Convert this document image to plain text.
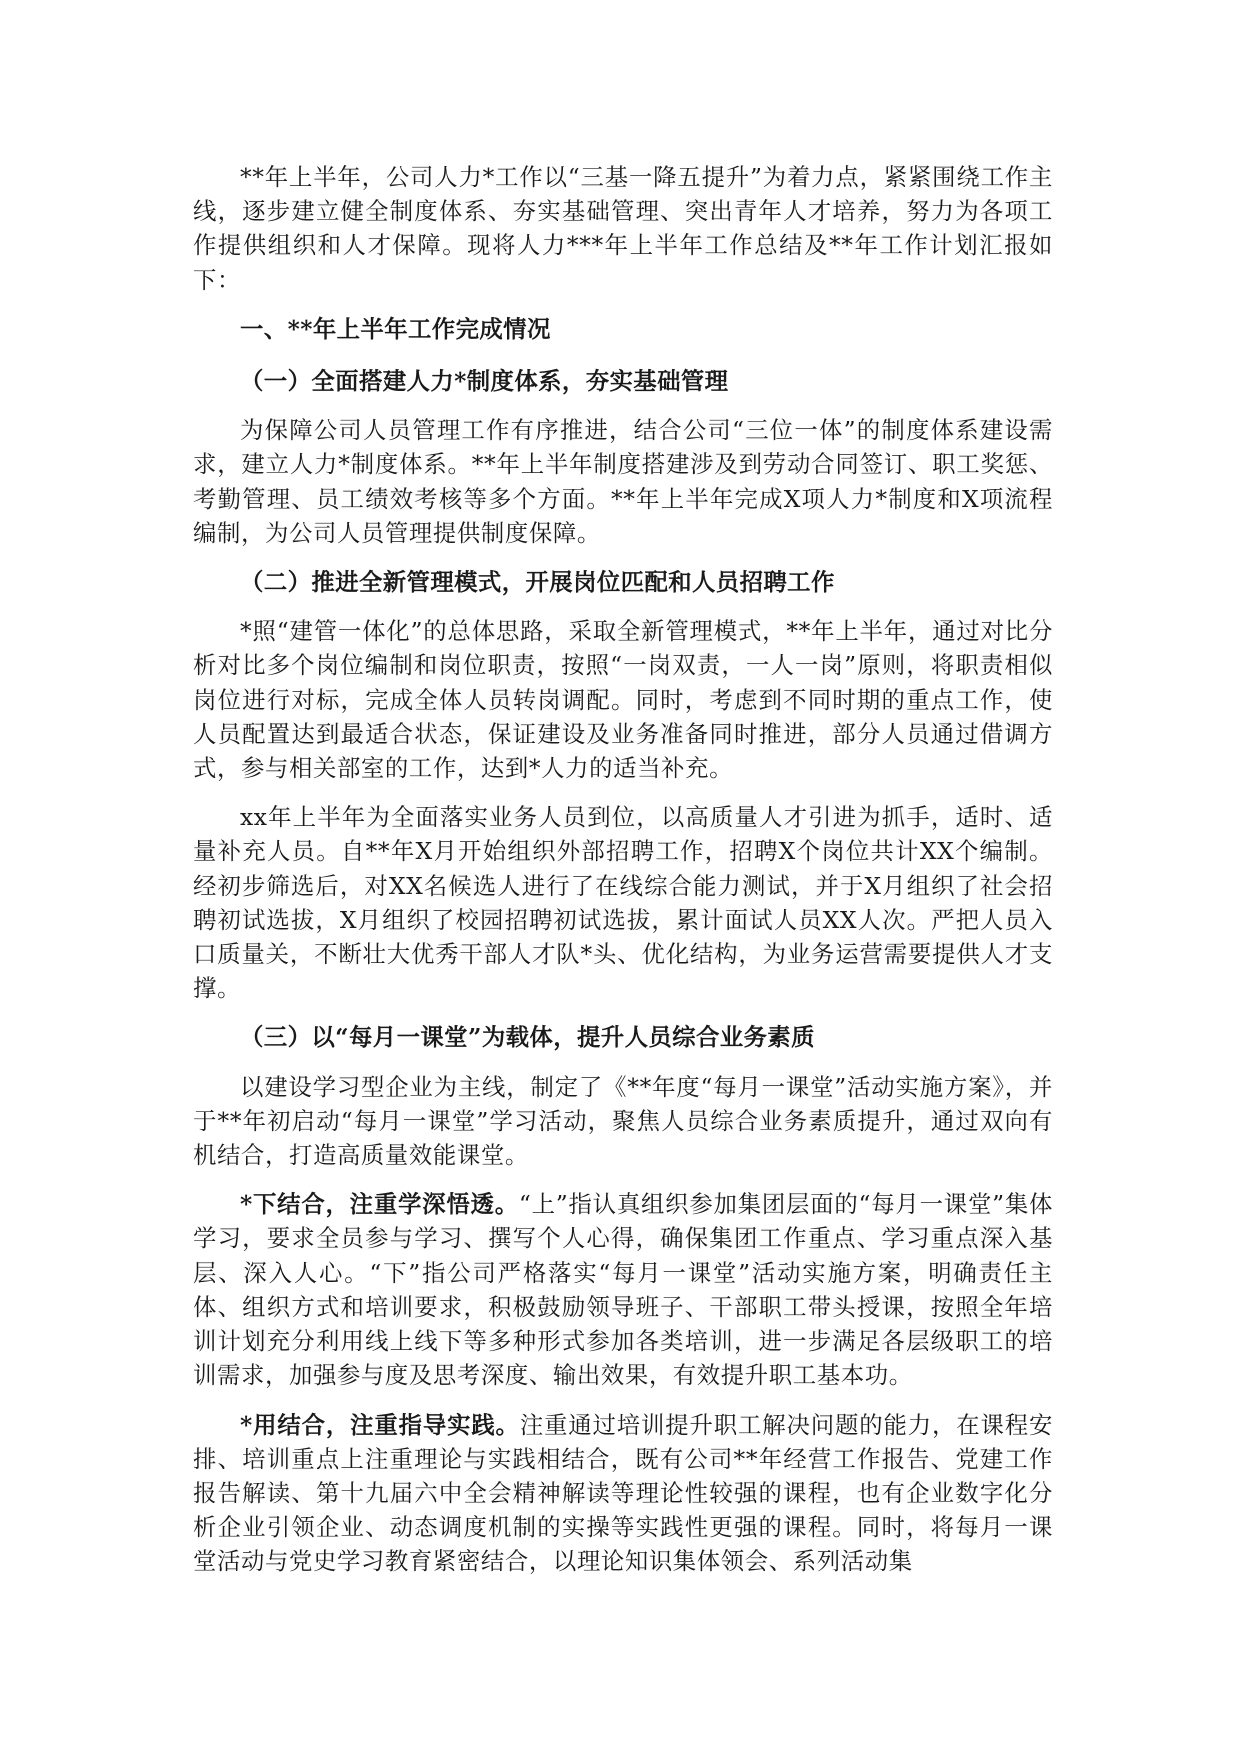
**年上半年，公司人力*工作以“三基一降五提升”为着力点，紧紧围绕工作主线，逐步建立健全制度体系、夯实基础管理、突出青年人才培养，努力为各项工作提供组织和人才保障。现将人力***年上半年工作总结及**年工作计划汇报如下：

一、**年上半年工作完成情况

（一）全面搭建人力*制度体系，夯实基础管理

为保障公司人员管理工作有序推进，结合公司“三位一体”的制度体系建设需求，建立人力*制度体系。**年上半年制度搭建涉及到劳动合同签订、职工奖惩、考勤管理、员工绩效考核等多个方面。**年上半年完成X项人力*制度和X项流程编制，为公司人员管理提供制度保障。

（二）推进全新管理模式，开展岗位匹配和人员招聘工作

*照“建管一体化”的总体思路，采取全新管理模式，**年上半年，通过对比分析对比多个岗位编制和岗位职责，按照“一岗双责，一人一岗”原则，将职责相似岗位进行对标，完成全体人员转岗调配。同时，考虑到不同时期的重点工作，使人员配置达到最适合状态，保证建设及业务准备同时推进，部分人员通过借调方式，参与相关部室的工作，达到*人力的适当补充。

xx年上半年为全面落实业务人员到位，以高质量人才引进为抓手，适时、适量补充人员。自**年X月开始组织外部招聘工作，招聘X个岗位共计XX个编制。经初步筛选后，对XX名候选人进行了在线综合能力测试，并于X月组织了社会招聘初试选拔，X月组织了校园招聘初试选拔，累计面试人员XX人次。严把人员入口质量关，不断壮大优秀干部人才队*头、优化结构，为业务运营需要提供人才支撑。

（三）以“每月一课堂”为载体，提升人员综合业务素质

以建设学习型企业为主线，制定了《**年度“每月一课堂”活动实施方案》，并于**年初启动“每月一课堂”学习活动，聚焦人员综合业务素质提升，通过双向有机结合，打造高质量效能课堂。

*下结合，注重学深悟透。“上”指认真组织参加集团层面的“每月一课堂”集体学习，要求全员参与学习、撰写个人心得，确保集团工作重点、学习重点深入基层、深入人心。“下”指公司严格落实“每月一课堂”活动实施方案，明确责任主体、组织方式和培训要求，积极鼓励领导班子、干部职工带头授课，按照全年培训计划充分利用线上线下等多种形式参加各类培训，进一步满足各层级职工的培训需求，加强参与度及思考深度、输出效果，有效提升职工基本功。

*用结合，注重指导实践。注重通过培训提升职工解决问题的能力，在课程安排、培训重点上注重理论与实践相结合，既有公司**年经营工作报告、党建工作报告解读、第十九届六中全会精神解读等理论性较强的课程，也有企业数字化分析企业引领企业、动态调度机制的实操等实践性更强的课程。同时，将每月一课堂活动与党史学习教育紧密结合，以理论知识集体领会、系列活动集
